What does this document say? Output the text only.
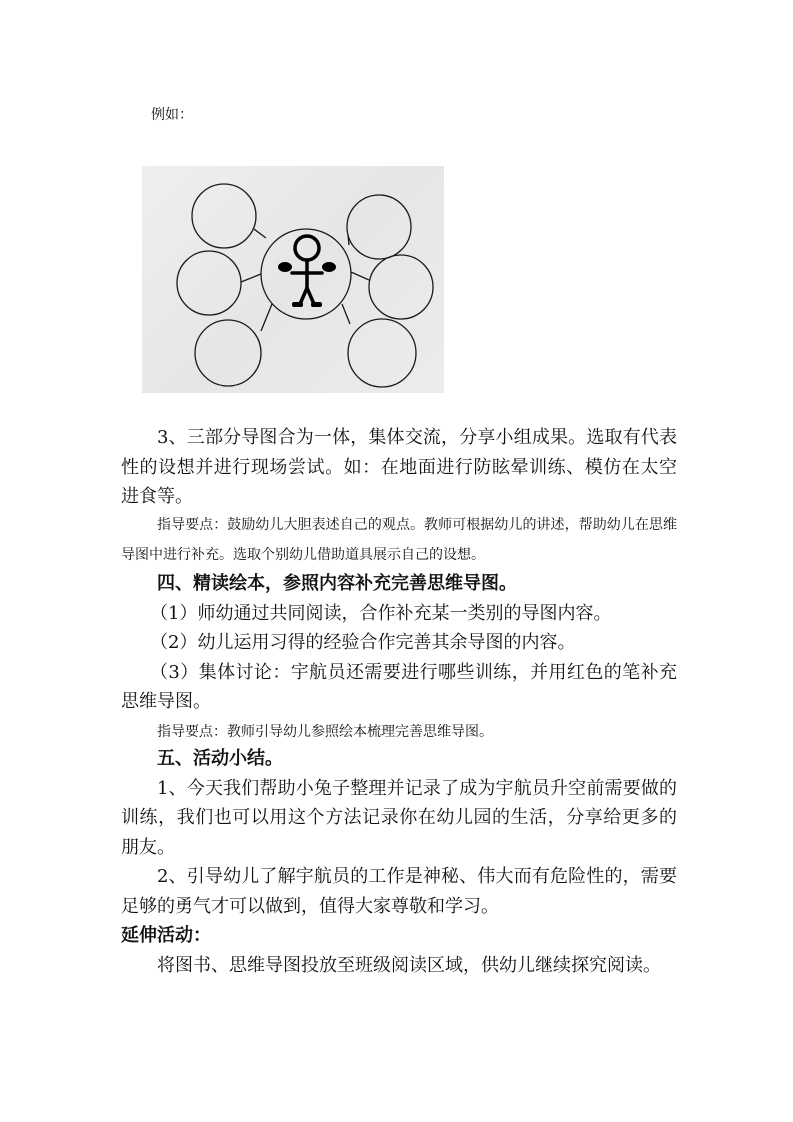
例如：

3、三部分导图合为一体，集体交流，分享小组成果。选取有代表性的设想并进行现场尝试。如：在地面进行防眩晕训练、模仿在太空进食等。

指导要点：鼓励幼儿大胆表述自己的观点。教师可根据幼儿的讲述，帮助幼儿在思维导图中进行补充。选取个别幼儿借助道具展示自己的设想。

四、精读绘本，参照内容补充完善思维导图。

（1）师幼通过共同阅读，合作补充某一类别的导图内容。

（2）幼儿运用习得的经验合作完善其余导图的内容。

（3）集体讨论：宇航员还需要进行哪些训练，并用红色的笔补充思维导图。

指导要点：教师引导幼儿参照绘本梳理完善思维导图。

五、活动小结。

1、今天我们帮助小兔子整理并记录了成为宇航员升空前需要做的训练，我们也可以用这个方法记录你在幼儿园的生活，分享给更多的朋友。

2、引导幼儿了解宇航员的工作是神秘、伟大而有危险性的，需要足够的勇气才可以做到，值得大家尊敬和学习。

延伸活动：

将图书、思维导图投放至班级阅读区域，供幼儿继续探究阅读。
